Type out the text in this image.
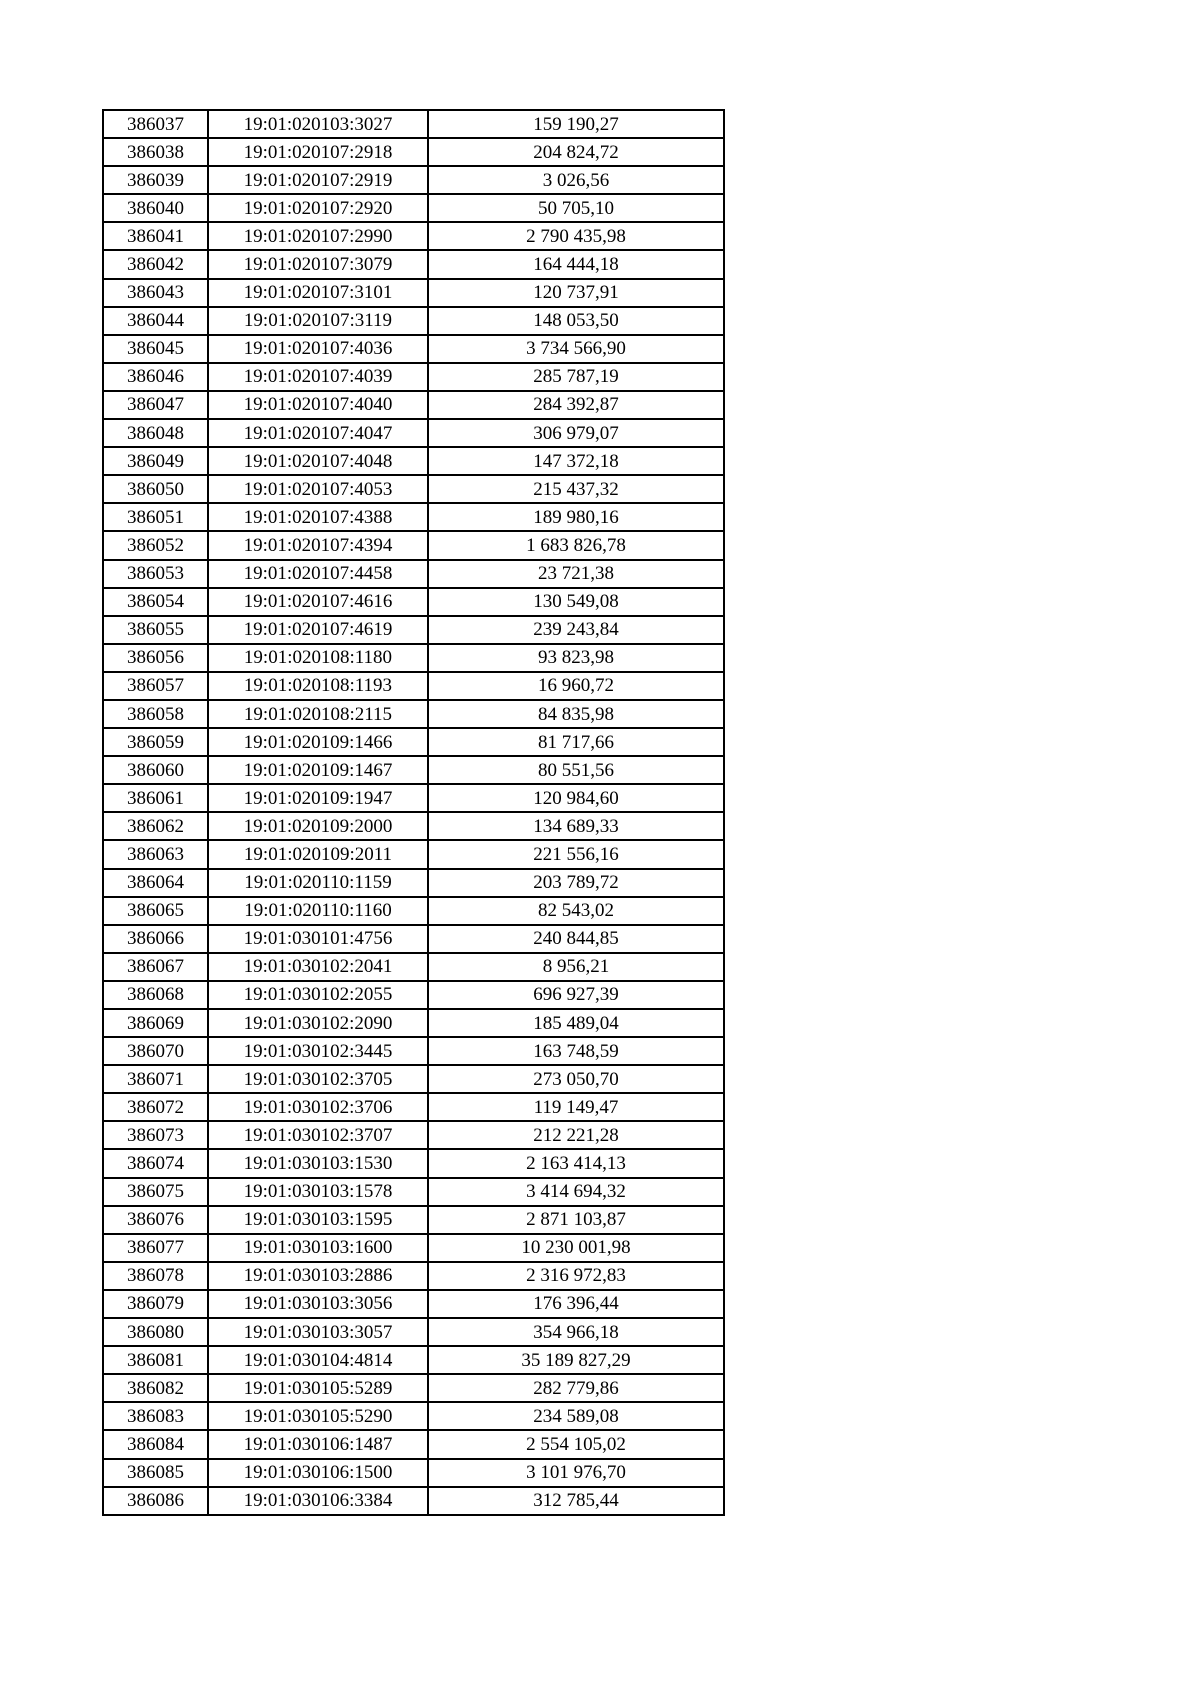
386037	19:01:020103:3027	159 190,27
386038	19:01:020107:2918	204 824,72
386039	19:01:020107:2919	3 026,56
386040	19:01:020107:2920	50 705,10
386041	19:01:020107:2990	2 790 435,98
386042	19:01:020107:3079	164 444,18
386043	19:01:020107:3101	120 737,91
386044	19:01:020107:3119	148 053,50
386045	19:01:020107:4036	3 734 566,90
386046	19:01:020107:4039	285 787,19
386047	19:01:020107:4040	284 392,87
386048	19:01:020107:4047	306 979,07
386049	19:01:020107:4048	147 372,18
386050	19:01:020107:4053	215 437,32
386051	19:01:020107:4388	189 980,16
386052	19:01:020107:4394	1 683 826,78
386053	19:01:020107:4458	23 721,38
386054	19:01:020107:4616	130 549,08
386055	19:01:020107:4619	239 243,84
386056	19:01:020108:1180	93 823,98
386057	19:01:020108:1193	16 960,72
386058	19:01:020108:2115	84 835,98
386059	19:01:020109:1466	81 717,66
386060	19:01:020109:1467	80 551,56
386061	19:01:020109:1947	120 984,60
386062	19:01:020109:2000	134 689,33
386063	19:01:020109:2011	221 556,16
386064	19:01:020110:1159	203 789,72
386065	19:01:020110:1160	82 543,02
386066	19:01:030101:4756	240 844,85
386067	19:01:030102:2041	8 956,21
386068	19:01:030102:2055	696 927,39
386069	19:01:030102:2090	185 489,04
386070	19:01:030102:3445	163 748,59
386071	19:01:030102:3705	273 050,70
386072	19:01:030102:3706	119 149,47
386073	19:01:030102:3707	212 221,28
386074	19:01:030103:1530	2 163 414,13
386075	19:01:030103:1578	3 414 694,32
386076	19:01:030103:1595	2 871 103,87
386077	19:01:030103:1600	10 230 001,98
386078	19:01:030103:2886	2 316 972,83
386079	19:01:030103:3056	176 396,44
386080	19:01:030103:3057	354 966,18
386081	19:01:030104:4814	35 189 827,29
386082	19:01:030105:5289	282 779,86
386083	19:01:030105:5290	234 589,08
386084	19:01:030106:1487	2 554 105,02
386085	19:01:030106:1500	3 101 976,70
386086	19:01:030106:3384	312 785,44
